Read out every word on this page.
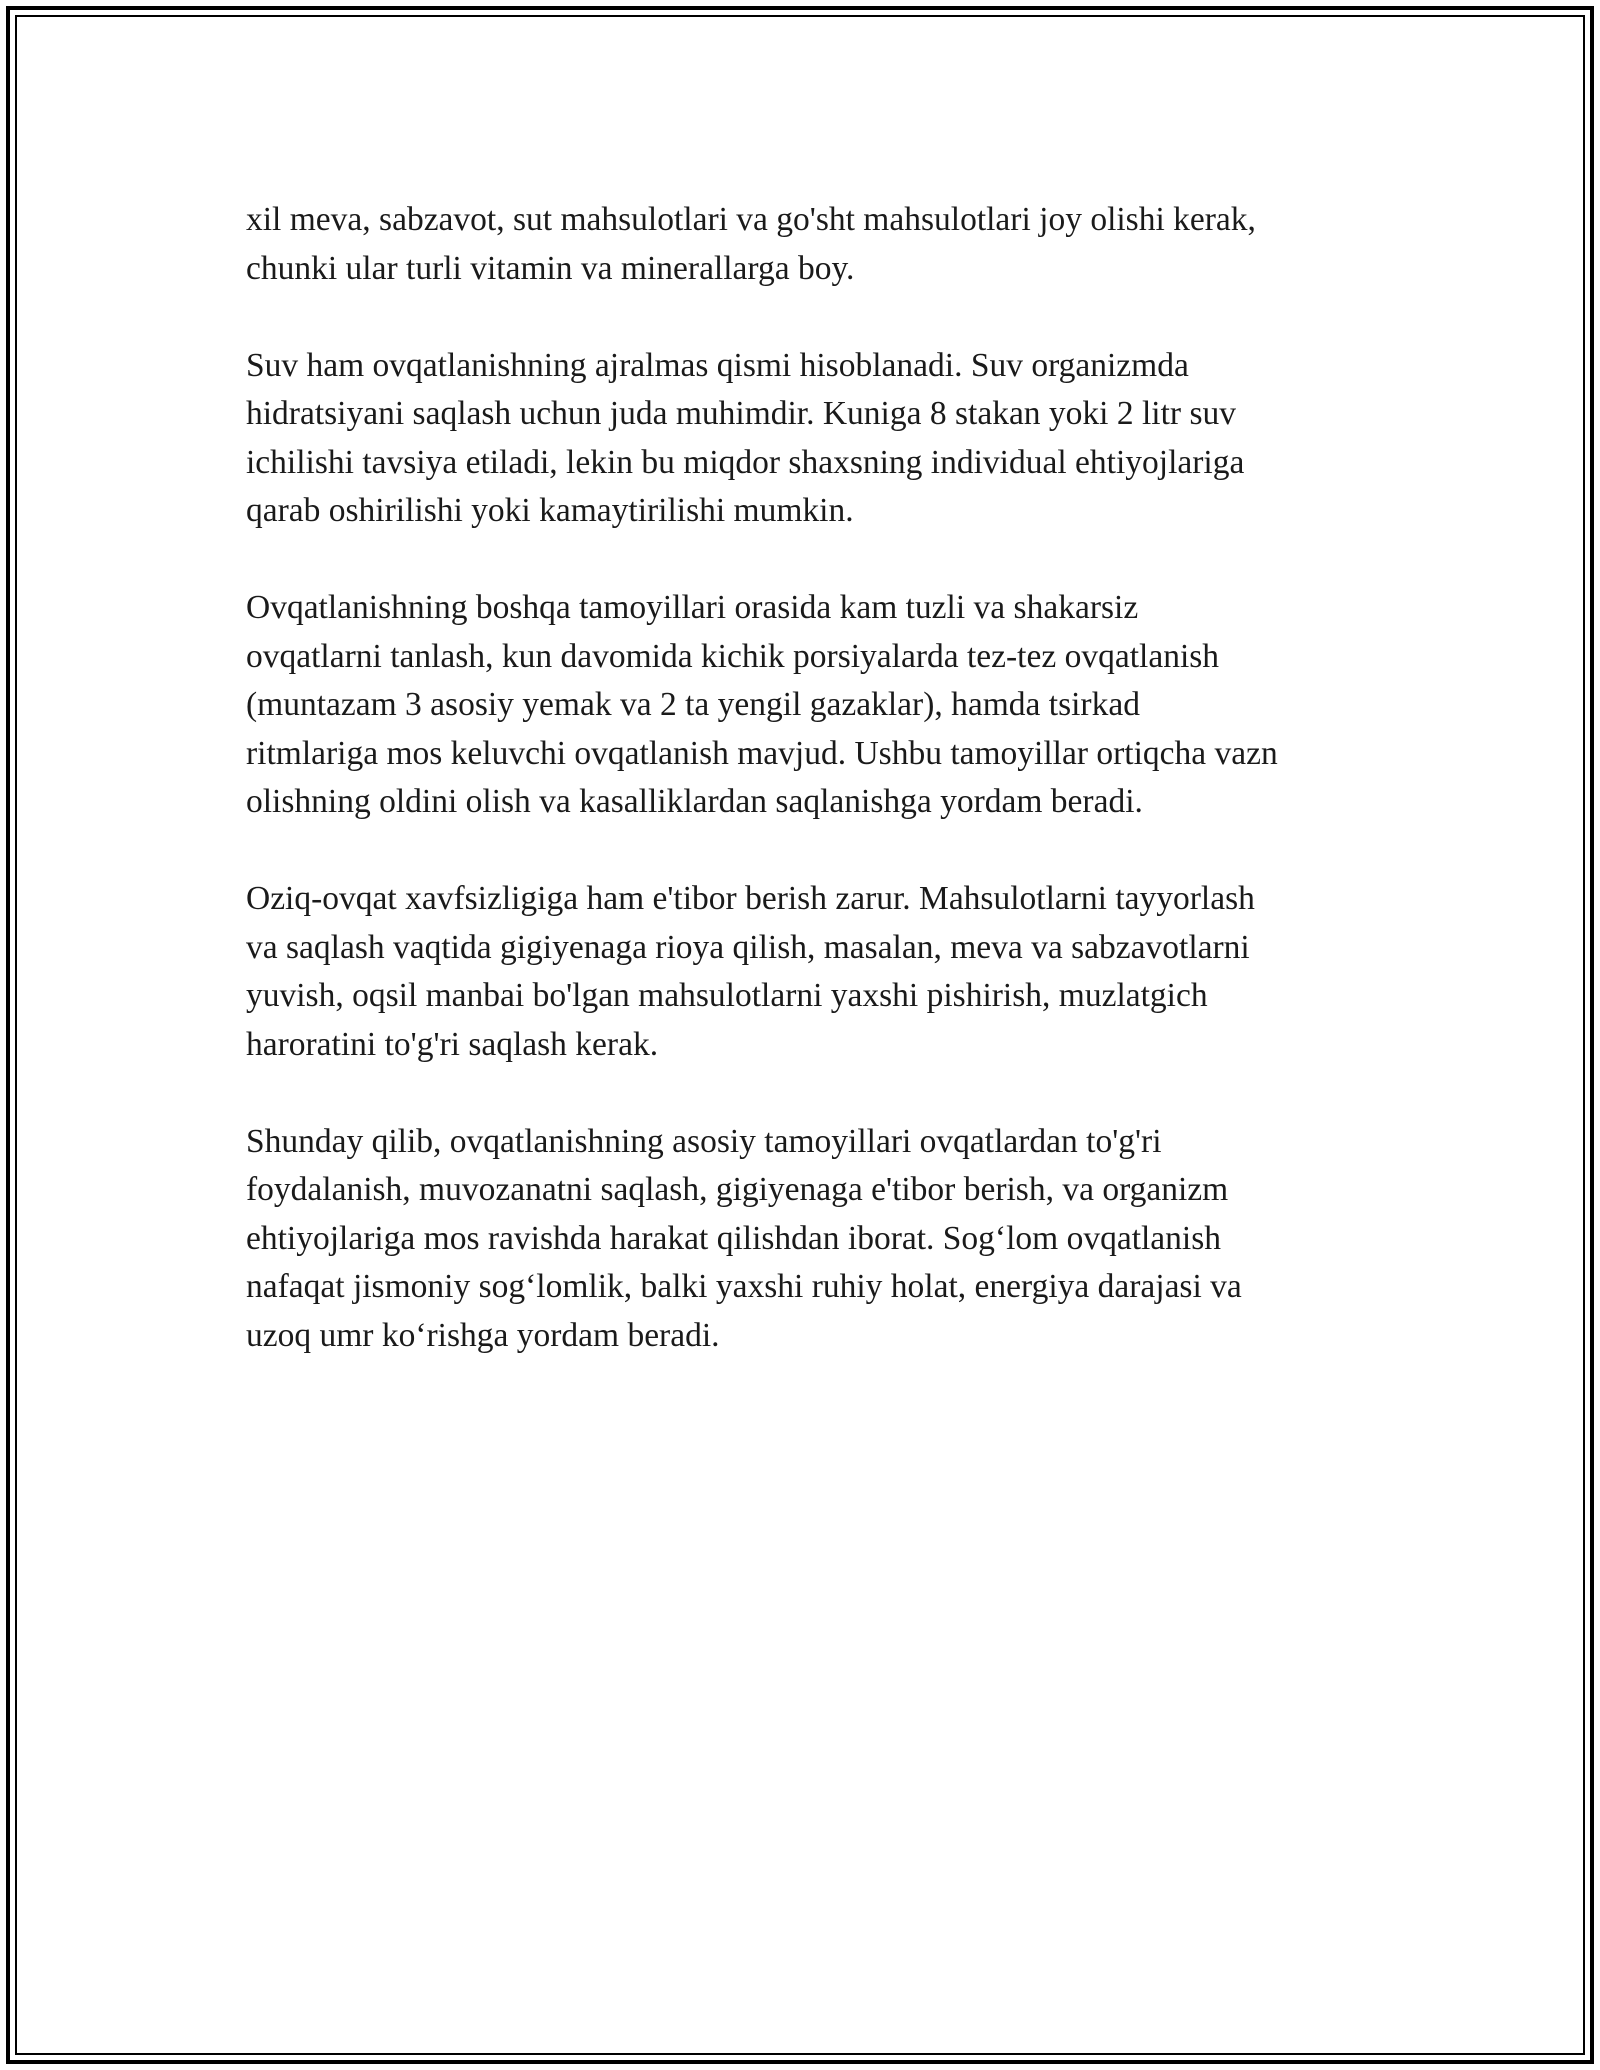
xil meva, sabzavot, sut mahsulotlari va go'sht mahsulotlari joy olishi kerak,
chunki ular turli vitamin va minerallarga boy.

Suv ham ovqatlanishning ajralmas qismi hisoblanadi. Suv organizmda
hidratsiyani saqlash uchun juda muhimdir. Kuniga 8 stakan yoki 2 litr suv
ichilishi tavsiya etiladi, lekin bu miqdor shaxsning individual ehtiyojlariga
qarab oshirilishi yoki kamaytirilishi mumkin.

Ovqatlanishning boshqa tamoyillari orasida kam tuzli va shakarsiz
ovqatlarni tanlash, kun davomida kichik porsiyalarda tez-tez ovqatlanish
(muntazam 3 asosiy yemak va 2 ta yengil gazaklar), hamda tsirkad
ritmlariga mos keluvchi ovqatlanish mavjud. Ushbu tamoyillar ortiqcha vazn
olishning oldini olish va kasalliklardan saqlanishga yordam beradi.

Oziq-ovqat xavfsizligiga ham e'tibor berish zarur. Mahsulotlarni tayyorlash
va saqlash vaqtida gigiyenaga rioya qilish, masalan, meva va sabzavotlarni
yuvish, oqsil manbai bo'lgan mahsulotlarni yaxshi pishirish, muzlatgich
haroratini to'g'ri saqlash kerak.

Shunday qilib, ovqatlanishning asosiy tamoyillari ovqatlardan to'g'ri
foydalanish, muvozanatni saqlash, gigiyenaga e'tibor berish, va organizm
ehtiyojlariga mos ravishda harakat qilishdan iborat. Sog‘lom ovqatlanish
nafaqat jismoniy sog‘lomlik, balki yaxshi ruhiy holat, energiya darajasi va
uzoq umr ko‘rishga yordam beradi.
